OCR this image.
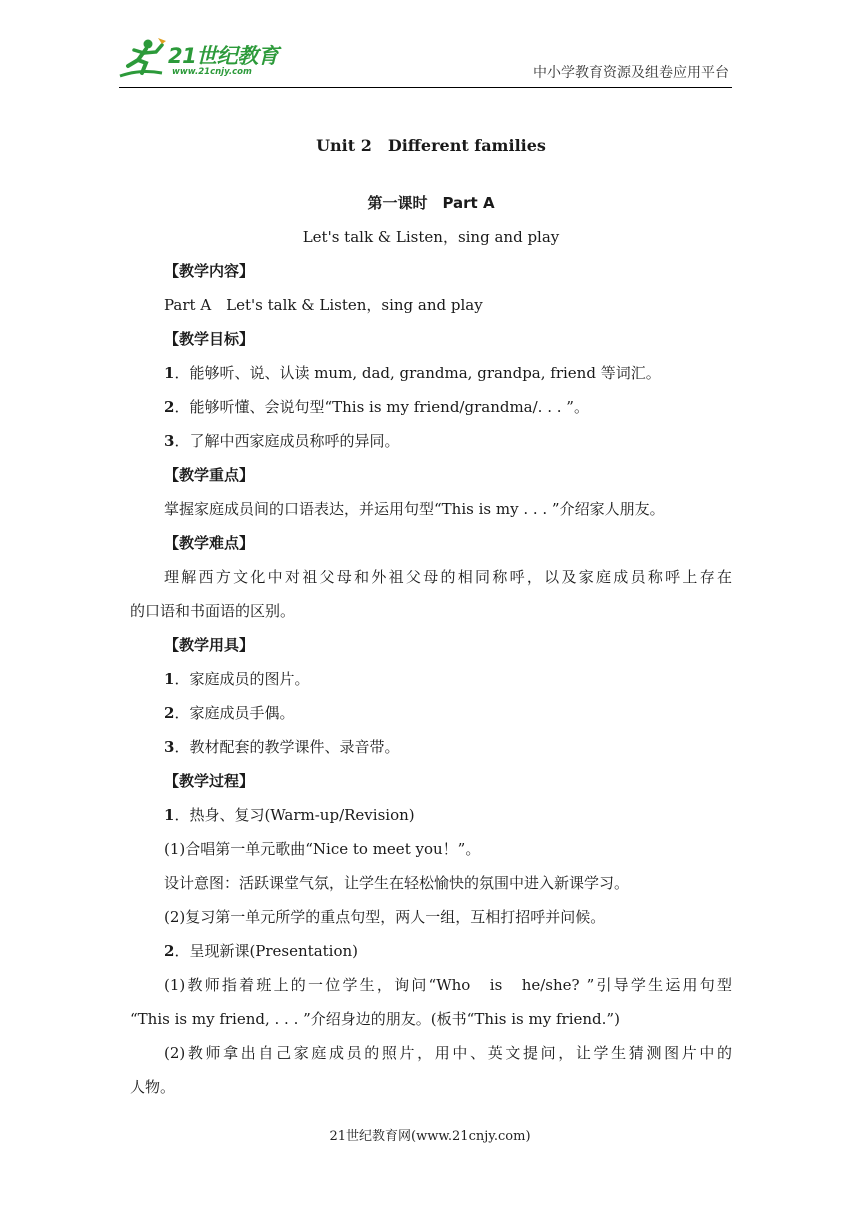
21世纪教育
www.21cnjy.com	中小学教育资源及组卷应用平台
Unit 2　Different families
第一课时　Part A
Let's talk & Listen，sing and play
【教学内容】
Part A　Let's talk & Listen，sing and play
【教学目标】
1．能够听、说、认读 mum, dad, grandma, grandpa, friend 等词汇。
2．能够听懂、会说句型“This is my friend/grandma/. . . ”。
3．了解中西家庭成员称呼的异同。
【教学重点】
掌握家庭成员间的口语表达，并运用句型“This is my . . . ”介绍家人朋友。
【教学难点】
理解西方文化中对祖父母和外祖父母的相同称呼，以及家庭成员称呼上存在
的口语和书面语的区别。
【教学用具】
1．家庭成员的图片。
2．家庭成员手偶。
3．教材配套的教学课件、录音带。
【教学过程】
1．热身、复习(Warm-up/Revision)
(1)合唱第一单元歌曲“Nice to meet you！”。
设计意图：活跃课堂气氛，让学生在轻松愉快的氛围中进入新课学习。
(2)复习第一单元所学的重点句型，两人一组，互相打招呼并问候。
2．呈现新课(Presentation)
(1)教师指着班上的一位学生，询问“Who　is　he/she? ”引导学生运用句型
“This is my friend, . . . ”介绍身边的朋友。(板书“This is my friend.”)
(2)教师拿出自己家庭成员的照片，用中、英文提问，让学生猜测图片中的
人物。
21世纪教育网(www.21cnjy.com)
